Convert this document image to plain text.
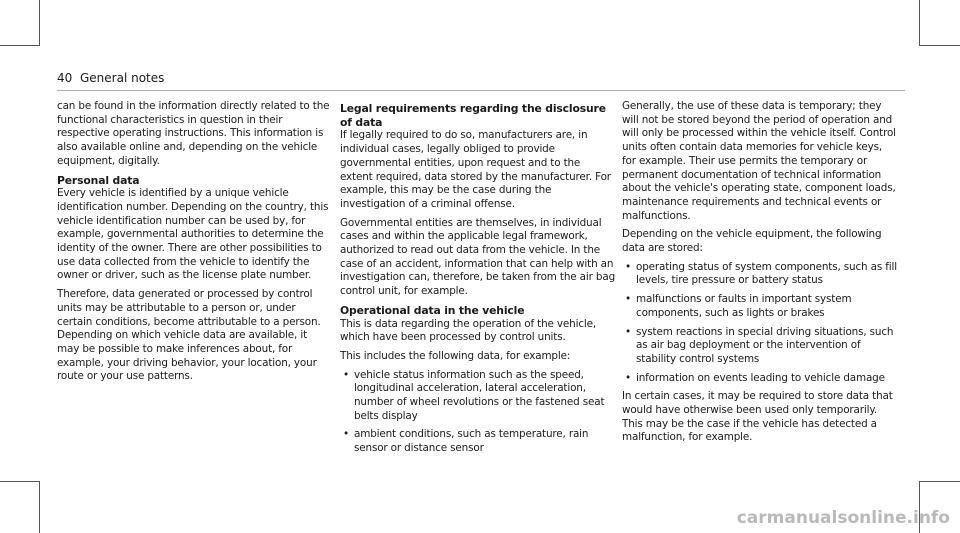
40 General notes

can be found in the information directly related to the functional characteristics in question in their respective operating instructions. This information is also available online and, depending on the vehicle equipment, digitally.

Personal data

Every vehicle is identified by a unique vehicle identification number. Depending on the country, this vehicle identification number can be used by, for example, governmental authorities to determine the identity of the owner. There are other possibilities to use data collected from the vehicle to identify the owner or driver, such as the license plate number.

Therefore, data generated or processed by control units may be attributable to a person or, under certain conditions, become attributable to a person. Depending on which vehicle data are available, it may be possible to make inferences about, for example, your driving behavior, your location, your route or your use patterns.

Legal requirements regarding the disclosure of data

If legally required to do so, manufacturers are, in individual cases, legally obliged to provide governmental entities, upon request and to the extent required, data stored by the manufacturer. For example, this may be the case during the investigation of a criminal offense.

Governmental entities are themselves, in individual cases and within the applicable legal framework, authorized to read out data from the vehicle. In the case of an accident, information that can help with an investigation can, therefore, be taken from the air bag control unit, for example.

Operational data in the vehicle

This is data regarding the operation of the vehicle, which have been processed by control units.

This includes the following data, for example:

• vehicle status information such as the speed, longitudinal acceleration, lateral acceleration, number of wheel revolutions or the fastened seat belts display
• ambient conditions, such as temperature, rain sensor or distance sensor

Generally, the use of these data is temporary; they will not be stored beyond the period of operation and will only be processed within the vehicle itself. Control units often contain data memories for vehicle keys, for example. Their use permits the temporary or permanent documentation of technical information about the vehicle's operating state, component loads, maintenance requirements and technical events or malfunctions.

Depending on the vehicle equipment, the following data are stored:

• operating status of system components, such as fill levels, tire pressure or battery status
• malfunctions or faults in important system components, such as lights or brakes
• system reactions in special driving situations, such as air bag deployment or the intervention of stability control systems
• information on events leading to vehicle damage

In certain cases, it may be required to store data that would have otherwise been used only temporarily. This may be the case if the vehicle has detected a malfunction, for example.

carmanualsonline.info
